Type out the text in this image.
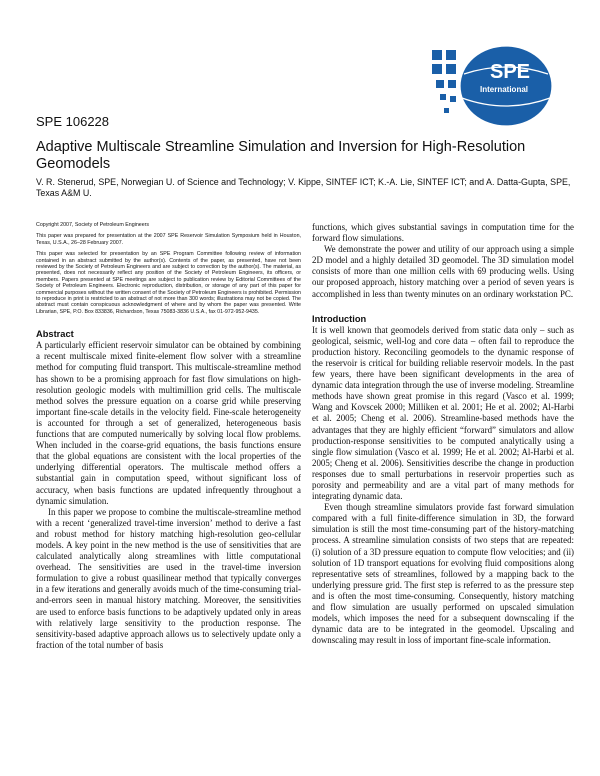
SPE
International
SPE 106228
Adaptive Multiscale Streamline Simulation and Inversion for High-Resolution Geomodels
V. R. Stenerud, SPE, Norwegian U. of Science and Technology; V. Kippe, SINTEF ICT; K.-A. Lie, SINTEF ICT; and A. Datta-Gupta, SPE, Texas A&M U.

Copyright 2007, Society of Petroleum Engineers

This paper was prepared for presentation at the 2007 SPE Reservoir Simulation Symposium held in Houston, Texas, U.S.A., 26–28 February 2007.

This paper was selected for presentation by an SPE Program Committee following review of information contained in an abstract submitted by the author(s). Contents of the paper, as presented, have not been reviewed by the Society of Petroleum Engineers and are subject to correction by the author(s). The material, as presented, does not necessarily reflect any position of the Society of Petroleum Engineers, its officers, or members. Papers presented at SPE meetings are subject to publication review by Editorial Committees of the Society of Petroleum Engineers. Electronic reproduction, distribution, or storage of any part of this paper for commercial purposes without the written consent of the Society of Petroleum Engineers is prohibited. Permission to reproduce in print is restricted to an abstract of not more than 300 words; illustrations may not be copied. The abstract must contain conspicuous acknowledgment of where and by whom the paper was presented. Write Librarian, SPE, P.O. Box 833836, Richardson, Texas 75083-3836 U.S.A., fax 01-972-952-9435.

Abstract

A particularly efficient reservoir simulator can be obtained by combining a recent multiscale mixed finite-element flow solver with a streamline method for computing fluid transport. This multiscale-streamline method has shown to be a promising approach for fast flow simulations on high-resolution geologic models with multimillion grid cells. The multiscale method solves the pressure equation on a coarse grid while preserving important fine-scale details in the velocity field. Fine-scale heterogeneity is accounted for through a set of generalized, heterogeneous basis functions that are computed numerically by solving local flow problems. When included in the coarse-grid equations, the basis functions ensure that the global equations are consistent with the local properties of the underlying differential operators. The multiscale method offers a substantial gain in computation speed, without significant loss of accuracy, when basis functions are updated infrequently throughout a dynamic simulation.

In this paper we propose to combine the multiscale-streamline method with a recent ‘generalized travel-time inversion’ method to derive a fast and robust method for history matching high-resolution geo-cellular models. A key point in the new method is the use of sensitivities that are calculated analytically along streamlines with little computational overhead. The sensitivities are used in the travel-time inversion formulation to give a robust quasilinear method that typically converges in a few iterations and generally avoids much of the time-consuming trial-and-errors seen in manual history matching. Moreover, the sensitivities are used to enforce basis functions to be adaptively updated only in areas with relatively large sensitivity to the production response. The sensitivity-based adaptive approach allows us to selectively update only a fraction of the total number of basis

functions, which gives substantial savings in computation time for the forward flow simulations.

We demonstrate the power and utility of our approach using a simple 2D model and a highly detailed 3D geomodel. The 3D simulation model consists of more than one million cells with 69 producing wells. Using our proposed approach, history matching over a period of seven years is accomplished in less than twenty minutes on an ordinary workstation PC.

Introduction

It is well known that geomodels derived from static data only – such as geological, seismic, well-log and core data – often fail to reproduce the production history. Reconciling geomodels to the dynamic response of the reservoir is critical for building reliable reservoir models. In the past few years, there have been significant developments in the area of dynamic data integration through the use of inverse modeling. Streamline methods have shown great promise in this regard (Vasco et al. 1999; Wang and Kovscek 2000; Milliken et al. 2001; He et al. 2002; Al-Harbi et al. 2005; Cheng et al. 2006). Streamline-based methods have the advantages that they are highly efficient “forward” simulators and allow production-response sensitivities to be computed analytically using a single flow simulation (Vasco et al. 1999; He et al. 2002; Al-Harbi et al. 2005; Cheng et al. 2006). Sensitivities describe the change in production responses due to small perturbations in reservoir properties such as porosity and permeability and are a vital part of many methods for integrating dynamic data.

Even though streamline simulators provide fast forward simulation compared with a full finite-difference simulation in 3D, the forward simulation is still the most time-consuming part of the history-matching process. A streamline simulation consists of two steps that are repeated: (i) solution of a 3D pressure equation to compute flow velocities; and (ii) solution of 1D transport equations for evolving fluid compositions along representative sets of streamlines, followed by a mapping back to the underlying pressure grid. The first step is referred to as the pressure step and is often the most time-consuming. Consequently, history matching and flow simulation are usually performed on upscaled simulation models, which imposes the need for a subsequent downscaling if the dynamic data are to be integrated in the geomodel. Upscaling and downscaling may result in loss of important fine-scale information.
